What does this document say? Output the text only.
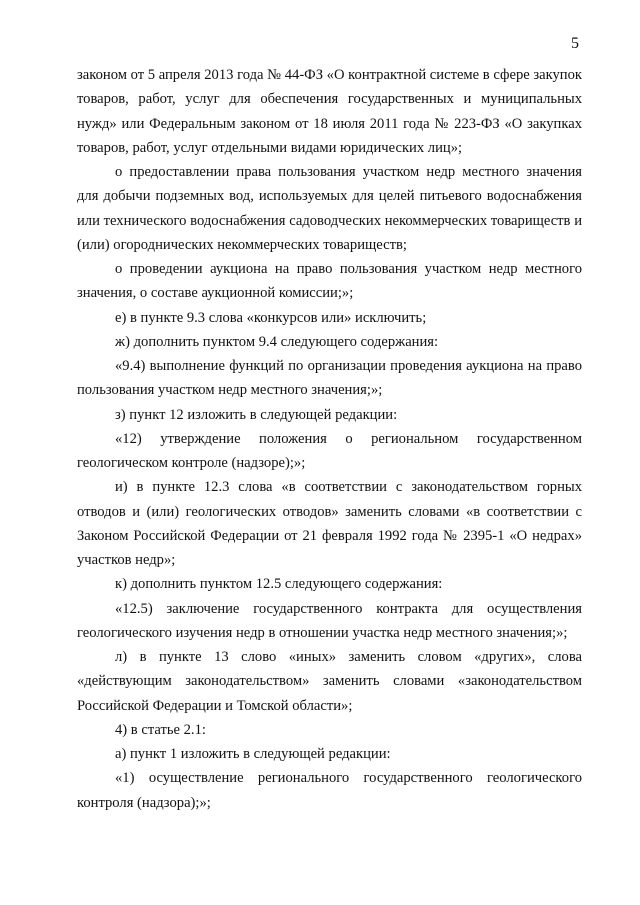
5

законом от 5 апреля 2013 года № 44-ФЗ «О контрактной системе в сфере закупок товаров, работ, услуг для обеспечения государственных и муниципальных нужд» или Федеральным законом от 18 июля 2011 года № 223-ФЗ «О закупках товаров, работ, услуг отдельными видами юридических лиц»;

о предоставлении права пользования участком недр местного значения для добычи подземных вод, используемых для целей питьевого водоснабжения или технического водоснабжения садоводческих некоммерческих товариществ и (или) огороднических некоммерческих товариществ;

о проведении аукциона на право пользования участком недр местного значения, о составе аукционной комиссии;»;

е) в пункте 9.3 слова «конкурсов или» исключить;

ж) дополнить пунктом 9.4 следующего содержания:

«9.4) выполнение функций по организации проведения аукциона на право пользования участком недр местного значения;»;

з) пункт 12 изложить в следующей редакции:

«12) утверждение положения о региональном государственном геологическом контроле (надзоре);»;

и) в пункте 12.3 слова «в соответствии с законодательством горных отводов и (или) геологических отводов» заменить словами «в соответствии с Законом Российской Федерации от 21 февраля 1992 года № 2395-1 «О недрах» участков недр»;

к) дополнить пунктом 12.5 следующего содержания:

«12.5) заключение государственного контракта для осуществления геологического изучения недр в отношении участка недр местного значения;»;

л) в пункте 13 слово «иных» заменить словом «других», слова «действующим законодательством» заменить словами «законодательством Российской Федерации и Томской области»;

4) в статье 2.1:

а) пункт 1 изложить в следующей редакции:

«1) осуществление регионального государственного геологического контроля (надзора);»;
